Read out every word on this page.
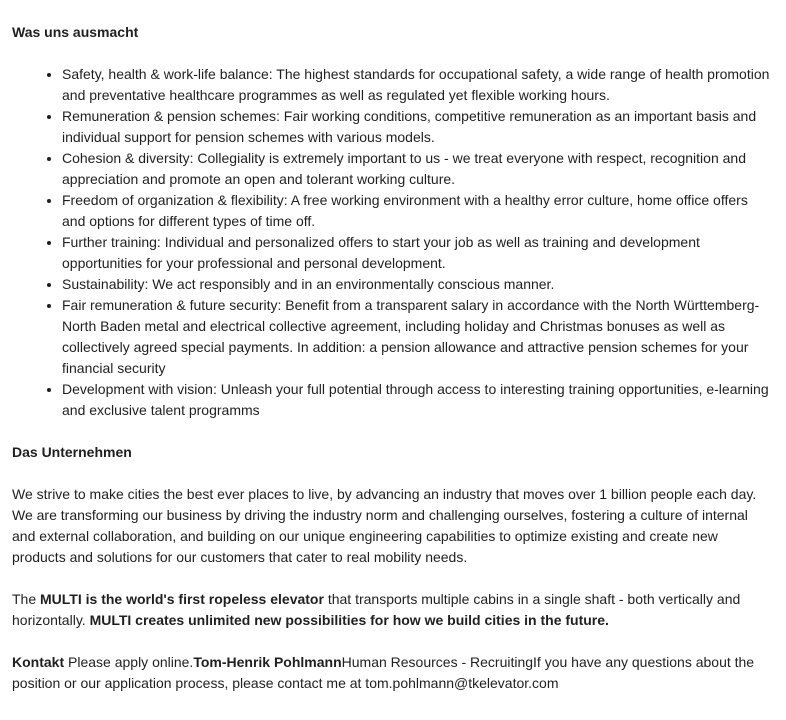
Was uns ausmacht
• Safety, health & work-life balance: The highest standards for occupational safety, a wide range of health promotion and preventative healthcare programmes as well as regulated yet flexible working hours.
• Remuneration & pension schemes: Fair working conditions, competitive remuneration as an important basis and individual support for pension schemes with various models.
• Cohesion & diversity: Collegiality is extremely important to us - we treat everyone with respect, recognition and appreciation and promote an open and tolerant working culture.
• Freedom of organization & flexibility: A free working environment with a healthy error culture, home office offers and options for different types of time off.
• Further training: Individual and personalized offers to start your job as well as training and development opportunities for your professional and personal development.
• Sustainability: We act responsibly and in an environmentally conscious manner.
• Fair remuneration & future security: Benefit from a transparent salary in accordance with the North Württemberg-North Baden metal and electrical collective agreement, including holiday and Christmas bonuses as well as collectively agreed special payments. In addition: a pension allowance and attractive pension schemes for your financial security
• Development with vision: Unleash your full potential through access to interesting training opportunities, e-learning and exclusive talent programms
Das Unternehmen

We strive to make cities the best ever places to live, by advancing an industry that moves over 1 billion people each day. We are transforming our business by driving the industry norm and challenging ourselves, fostering a culture of internal and external collaboration, and building on our unique engineering capabilities to optimize existing and create new products and solutions for our customers that cater to real mobility needs.

The MULTI is the world's first ropeless elevator that transports multiple cabins in a single shaft - both vertically and horizontally. MULTI creates unlimited new possibilities for how we build cities in the future.

Kontakt Please apply online.Tom-Henrik PohlmannHuman Resources - RecruitingIf you have any questions about the position or our application process, please contact me at tom.pohlmann@tkelevator.com
